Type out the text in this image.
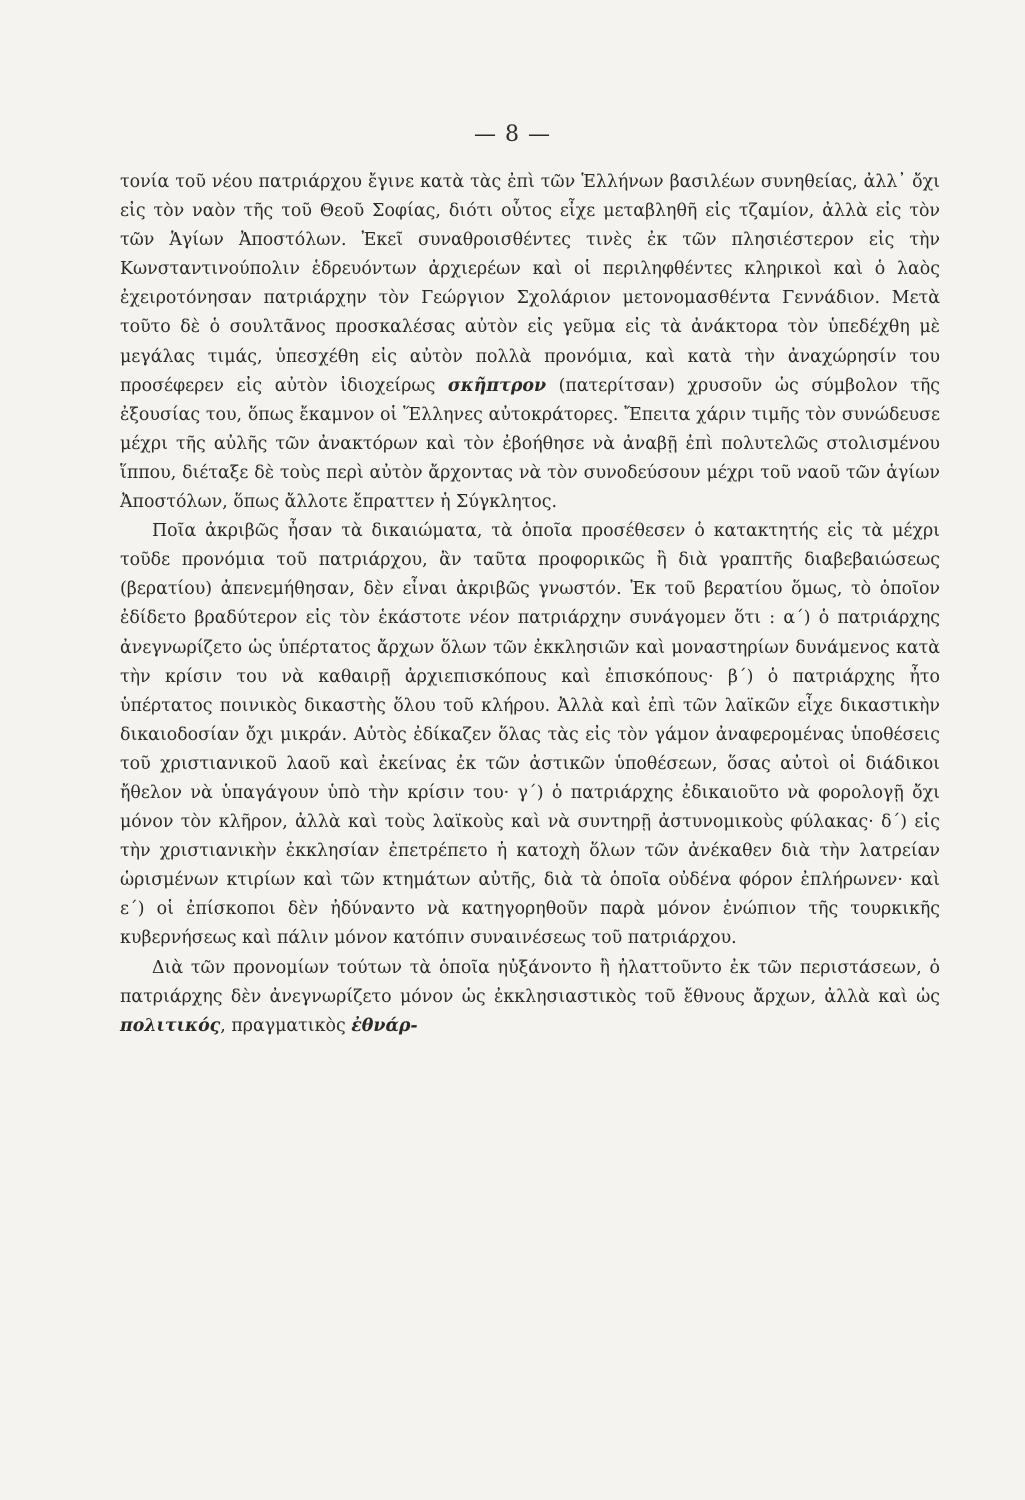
— 8 —

τονία τοῦ νέου πατριάρχου ἔγινε κατὰ τὰς ἐπὶ τῶν Ἑλλήνων βασιλέων συνηθείας, ἀλλ᾽ ὄχι εἰς τὸν ναὸν τῆς τοῦ Θεοῦ Σοφίας, διότι οὗτος εἶχε μεταβληθῆ εἰς τζαμίον, ἀλλὰ εἰς τὸν τῶν Ἁγίων Ἀποστόλων. Ἐκεῖ συναθροισθέντες τινὲς ἐκ τῶν πλησιέστερον εἰς τὴν Κωνσταντινούπολιν ἑδρευόντων ἀρχιερέων καὶ οἱ περιληφθέντες κληρικοὶ καὶ ὁ λαὸς ἐχειροτόνησαν πατριάρχην τὸν Γεώργιον Σχολάριον μετονομασθέντα Γεννάδιον. Μετὰ τοῦτο δὲ ὁ σουλτᾶνος προσκαλέσας αὐτὸν εἰς γεῦμα εἰς τὰ ἀνάκτορα τὸν ὑπεδέχθη μὲ μεγάλας τιμάς, ὑπεσχέθη εἰς αὐτὸν πολλὰ προνόμια, καὶ κατὰ τὴν ἀναχώρησίν του προσέφερεν εἰς αὐτὸν ἰδιοχείρως σκῆπτρον (πατερίτσαν) χρυσοῦν ὡς σύμβολον τῆς ἐξουσίας του, ὅπως ἔκαμνον οἱ Ἕλληνες αὐτοκράτορες. Ἔπειτα χάριν τιμῆς τὸν συνώδευσε μέχρι τῆς αὐλῆς τῶν ἀνακτόρων καὶ τὸν ἐβοήθησε νὰ ἀναβῇ ἐπὶ πολυτελῶς στολισμένου ἵππου, διέταξε δὲ τοὺς περὶ αὐτὸν ἄρχοντας νὰ τὸν συνοδεύσουν μέχρι τοῦ ναοῦ τῶν ἁγίων Ἀποστόλων, ὅπως ἄλλοτε ἔπραττεν ἡ Σύγκλητος.

Ποῖα ἀκριβῶς ἦσαν τὰ δικαιώματα, τὰ ὁποῖα προσέθεσεν ὁ κατακτητής εἰς τὰ μέχρι τοῦδε προνόμια τοῦ πατριάρχου, ἂν ταῦτα προφορικῶς ἢ διὰ γραπτῆς διαβεβαιώσεως (βερατίου) ἀπενεμήθησαν, δὲν εἶναι ἀκριβῶς γνωστόν. Ἐκ τοῦ βερατίου ὅμως, τὸ ὁποῖον ἐδίδετο βραδύτερον εἰς τὸν ἑκάστοτε νέον πατριάρχην συνάγομεν ὅτι : α΄) ὁ πατριάρχης ἀνεγνωρίζετο ὡς ὑπέρτατος ἄρχων ὅλων τῶν ἐκκλησιῶν καὶ μοναστηρίων δυνάμενος κατὰ τὴν κρίσιν του νὰ καθαιρῇ ἀρχιεπισκόπους καὶ ἐπισκόπους· β΄) ὁ πατριάρχης ἦτο ὑπέρτατος ποινικὸς δικαστὴς ὅλου τοῦ κλήρου. Ἀλλὰ καὶ ἐπὶ τῶν λαϊκῶν εἶχε δικαστικὴν δικαιοδοσίαν ὄχι μικράν. Αὐτὸς ἐδίκαζεν ὅλας τὰς εἰς τὸν γάμον ἀναφερομένας ὑποθέσεις τοῦ χριστιανικοῦ λαοῦ καὶ ἐκείνας ἐκ τῶν ἀστικῶν ὑποθέσεων, ὅσας αὐτοὶ οἱ διάδικοι ἤθελον νὰ ὑπαγάγουν ὑπὸ τὴν κρίσιν του· γ΄) ὁ πατριάρχης ἐδικαιοῦτο νὰ φορολογῇ ὄχι μόνον τὸν κλῆρον, ἀλλὰ καὶ τοὺς λαϊκοὺς καὶ νὰ συντηρῇ ἀστυνομικοὺς φύλακας· δ΄) εἰς τὴν χριστιανικὴν ἐκκλησίαν ἐπετρέπετο ἡ κατοχὴ ὅλων τῶν ἀνέκαθεν διὰ τὴν λατρείαν ὡρισμένων κτιρίων καὶ τῶν κτημάτων αὐτῆς, διὰ τὰ ὁποῖα οὐδένα φόρον ἐπλήρωνεν· καὶ ε΄) οἱ ἐπίσκοποι δὲν ἠδύναντο νὰ κατηγορηθοῦν παρὰ μόνον ἐνώπιον τῆς τουρκικῆς κυβερνήσεως καὶ πάλιν μόνον κατόπιν συναινέσεως τοῦ πατριάρχου.

Διὰ τῶν προνομίων τούτων τὰ ὁποῖα ηὐξάνοντο ἢ ἠλαττοῦντο ἐκ τῶν περιστάσεων, ὁ πατριάρχης δὲν ἀνεγνωρίζετο μόνον ὡς ἐκκλησιαστικὸς τοῦ ἔθνους ἄρχων, ἀλλὰ καὶ ὡς πολιτικός, πραγματικὸς ἐθνάρ-
